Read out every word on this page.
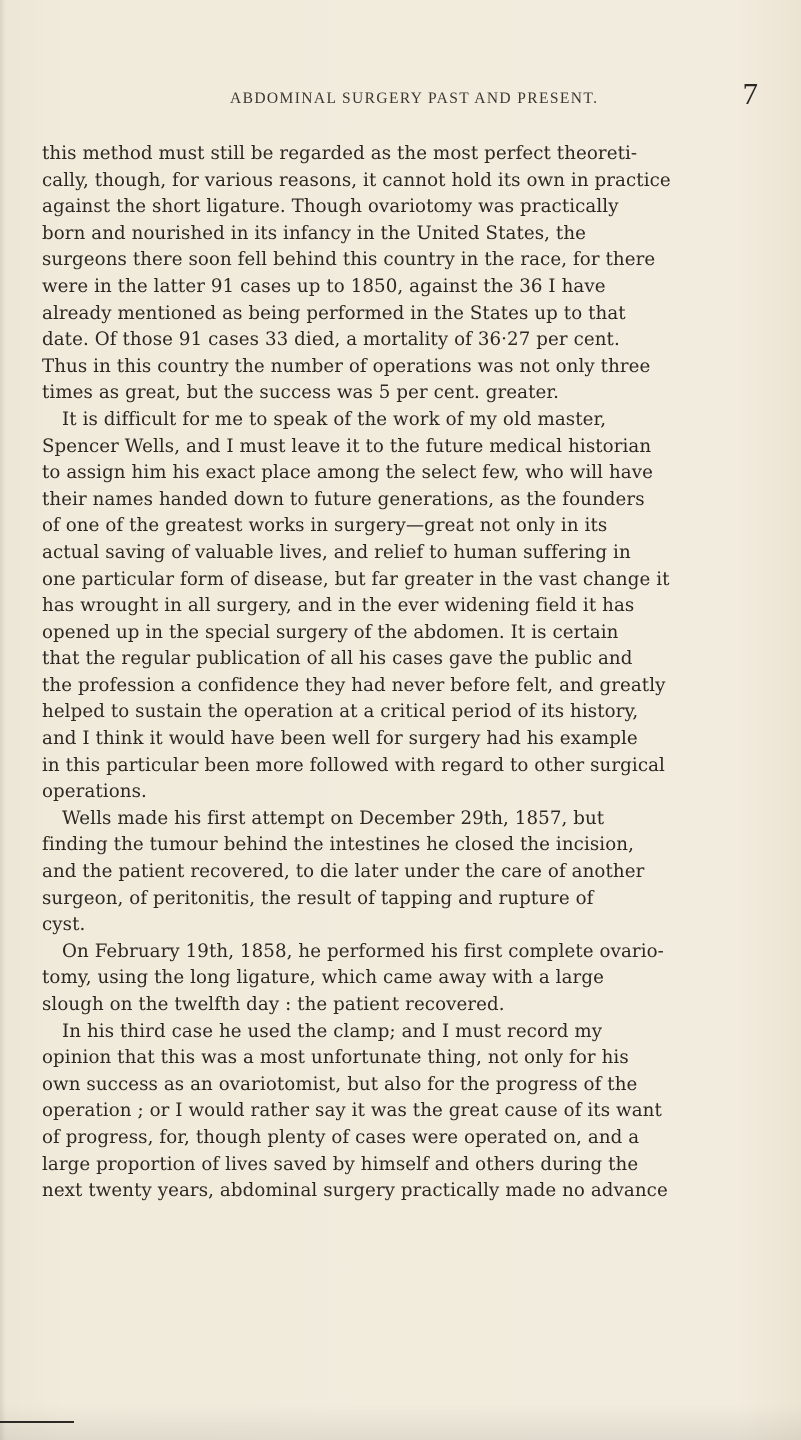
ABDOMINAL SURGERY PAST AND PRESENT.	7
this method must still be regarded as the most perfect theoreti-
cally, though, for various reasons, it cannot hold its own in practice
against the short ligature. Though ovariotomy was practically
born and nourished in its infancy in the United States, the
surgeons there soon fell behind this country in the race, for there
were in the latter 91 cases up to 1850, against the 36 I have
already mentioned as being performed in the States up to that
date. Of those 91 cases 33 died, a mortality of 36·27 per cent.
Thus in this country the number of operations was not only three
times as great, but the success was 5 per cent. greater.
It is difficult for me to speak of the work of my old master,
Spencer Wells, and I must leave it to the future medical historian
to assign him his exact place among the select few, who will have
their names handed down to future generations, as the founders
of one of the greatest works in surgery—great not only in its
actual saving of valuable lives, and relief to human suffering in
one particular form of disease, but far greater in the vast change it
has wrought in all surgery, and in the ever widening field it has
opened up in the special surgery of the abdomen. It is certain
that the regular publication of all his cases gave the public and
the profession a confidence they had never before felt, and greatly
helped to sustain the operation at a critical period of its history,
and I think it would have been well for surgery had his example
in this particular been more followed with regard to other surgical
operations.
Wells made his first attempt on December 29th, 1857, but
finding the tumour behind the intestines he closed the incision,
and the patient recovered, to die later under the care of another
surgeon, of peritonitis, the result of tapping and rupture of
cyst.
On February 19th, 1858, he performed his first complete ovario-
tomy, using the long ligature, which came away with a large
slough on the twelfth day : the patient recovered.
In his third case he used the clamp; and I must record my
opinion that this was a most unfortunate thing, not only for his
own success as an ovariotomist, but also for the progress of the
operation ; or I would rather say it was the great cause of its want
of progress, for, though plenty of cases were operated on, and a
large proportion of lives saved by himself and others during the
next twenty years, abdominal surgery practically made no advance
